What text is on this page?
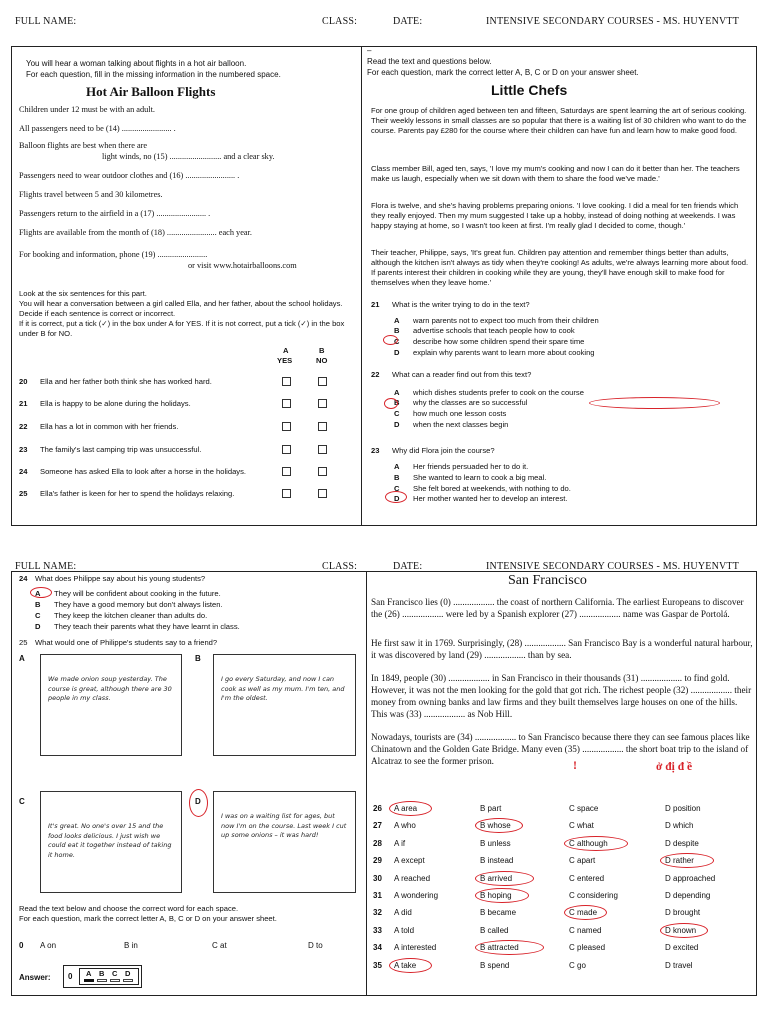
FULL NAME:	CLASS:	DATE:	INTENSIVE SECONDARY COURSES - MS. HUYENVTT
You will hear a woman talking about flights in a hot air balloon.
For each question, fill in the missing information in the numbered space.
Hot Air Balloon Flights
Children under 12 must be with an adult.
All passengers need to be (14) ........................ .
Balloon flights are best when there are
light winds, no (15) ......................... and a clear sky.
Passengers need to wear outdoor clothes and (16) ........................ .
Flights travel between 5 and 30 kilometres.
Passengers return to the airfield in a (17) ........................ .
Flights are available from the month of (18) ........................ each year.
For booking and information, phone (19) ........................
or visit www.hotairballoons.com
Look at the six sentences for this part.
You will hear a conversation between a girl called Ella, and her father, about the school holidays.
Decide if each sentence is correct or incorrect.
If it is correct, put a tick (✓) in the box under A for YES. If it is not correct, put a tick (✓) in the box
under B for NO.
A
YES
B
NO
20 Ella and her father both think she has worked hard.
21 Ella is happy to be alone during the holidays.
22 Ella has a lot in common with her friends.
23 The family's last camping trip was unsuccessful.
24 Someone has asked Ella to look after a horse in the holidays.
25 Ella's father is keen for her to spend the holidays relaxing.
–
Read the text and questions below.
For each question, mark the correct letter A, B, C or D on your answer sheet.
Little Chefs
For one group of children aged between ten and fifteen, Saturdays are spent learning the art of serious cooking. Their weekly lessons in small classes are so popular that there is a waiting list of 30 children who want to do the course. Parents pay £280 for the course where their children can have fun and learn how to make good food.
Class member Bill, aged ten, says, 'I love my mum's cooking and now I can do it better than her. The teachers make us laugh, especially when we sit down with them to share the food we've made.'
Flora is twelve, and she's having problems preparing onions. 'I love cooking. I did a meal for ten friends which they really enjoyed. Then my mum suggested I take up a hobby, instead of doing nothing at weekends. I was happy staying at home, so I wasn't too keen at first. I'm really glad I decided to come, though.'
Their teacher, Philippe, says, 'It's great fun. Children pay attention and remember things better than adults, although the kitchen isn't always as tidy when they're cooking! As adults, we're always learning more about food. If parents interest their children in cooking while they are young, they'll have enough skill to make food for themselves when they leave home.'
21 What is the writer trying to do in the text?
A warn parents not to expect too much from their children
B advertise schools that teach people how to cook
C describe how some children spend their spare time
D explain why parents want to learn more about cooking
22 What can a reader find out from this text?
A which dishes students prefer to cook on the course
B why the classes are so successful
C how much one lesson costs
D when the next classes begin
23 Why did Flora join the course?
A Her friends persuaded her to do it.
B She wanted to learn to cook a big meal.
C She felt bored at weekends, with nothing to do.
D Her mother wanted her to develop an interest.
FULL NAME:	CLASS:	DATE:	INTENSIVE SECONDARY COURSES - MS. HUYENVTT
24 What does Philippe say about his young students?
A They will be confident about cooking in the future.
B They have a good memory but don't always listen.
C They keep the kitchen cleaner than adults do.
D They teach their parents what they have learnt in class.
25 What would one of Philippe's students say to a friend?
A
We made onion soup yesterday. The course is great, although there are 30 people in my class.
B
I go every Saturday, and now I can cook as well as my mum. I'm ten, and I'm the oldest.
C
It's great. No one's over 15 and the food looks delicious. I just wish we could eat it together instead of taking it home.
D
I was on a waiting list for ages, but now I'm on the course. Last week I cut up some onions – it was hard!
Read the text below and choose the correct word for each space.
For each question, mark the correct letter A, B, C or D on your answer sheet.
0 A on	B in	C at	D to
Answer: 0 A B C D
San Francisco
San Francisco lies (0) .................. the coast of northern California. The earliest Europeans to discover the (26) .................. were led by a Spanish explorer (27) .................. name was Gaspar de Portolá.
He first saw it in 1769. Surprisingly, (28) .................. San Francisco Bay is a wonderful natural harbour, it was discovered by land (29) .................. than by sea.
In 1849, people (30) .................. in San Francisco in their thousands (31) .................. to find gold. However, it was not the men looking for the gold that got rich. The richest people (32) .................. their money from owning banks and law firms and they built themselves large houses on one of the hills. This was (33) .................. as Nob Hill.
Nowadays, tourists are (34) .................. to San Francisco because there they can see famous places like Chinatown and the Golden Gate Bridge. Many even (35) .................. the short boat trip to the island of Alcatraz to see the former prison.	!	ở đị đ ề
26 A area	B part	C space	D position
27 A who	B whose	C what	D which
28 A if	B unless	C although	D despite
29 A except	B instead	C apart	D rather
30 A reached	B arrived	C entered	D approached
31 A wondering	B hoping	C considering	D depending
32 A did	B became	C made	D brought
33 A told	B called	C named	D known
34 A interested	B attracted	C pleased	D excited
35 A take	B spend	C go	D travel
